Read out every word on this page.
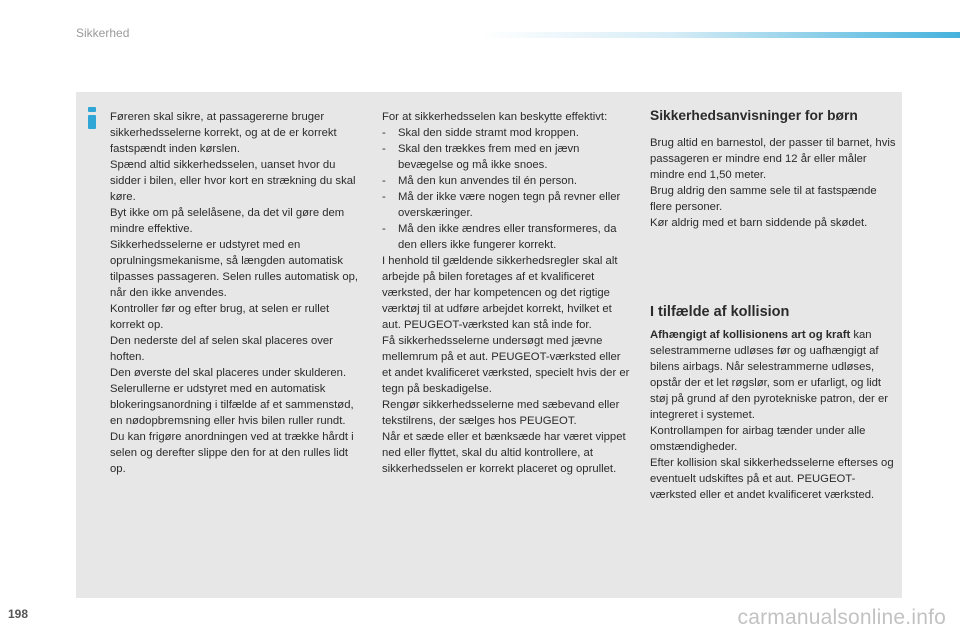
Sikkerhed

Føreren skal sikre, at passagererne bruger sikkerhedsselerne korrekt, og at de er korrekt fastspændt inden kørslen.

Spænd altid sikkerhedsselen, uanset hvor du sidder i bilen, eller hvor kort en strækning du skal køre.

Byt ikke om på selelåsene, da det vil gøre dem mindre effektive.

Sikkerhedsselerne er udstyret med en oprulningsmekanisme, så længden automatisk tilpasses passageren. Selen rulles automatisk op, når den ikke anvendes.

Kontroller før og efter brug, at selen er rullet korrekt op.

Den nederste del af selen skal placeres over hoften.

Den øverste del skal placeres under skulderen.

Selerullerne er udstyret med en automatisk blokeringsanordning i tilfælde af et sammenstød, en nødopbremsning eller hvis bilen ruller rundt. Du kan frigøre anordningen ved at trække hårdt i selen og derefter slippe den for at den rulles lidt op.

For at sikkerhedsselen kan beskytte effektivt:

- Skal den sidde stramt mod kroppen.
- Skal den trækkes frem med en jævn bevægelse og må ikke snoes.
- Må den kun anvendes til én person.
- Må der ikke være nogen tegn på revner eller overskæringer.
- Må den ikke ændres eller transformeres, da den ellers ikke fungerer korrekt.

I henhold til gældende sikkerhedsregler skal alt arbejde på bilen foretages af et kvalificeret værksted, der har kompetencen og det rigtige værktøj til at udføre arbejdet korrekt, hvilket et aut. PEUGEOT-værksted kan stå inde for.

Få sikkerhedsselerne undersøgt med jævne mellemrum på et aut. PEUGEOT-værksted eller et andet kvalificeret værksted, specielt hvis der er tegn på beskadigelse.

Rengør sikkerhedsselerne med sæbevand eller tekstilrens, der sælges hos PEUGEOT.

Når et sæde eller et bænksæde har været vippet ned eller flyttet, skal du altid kontrollere, at sikkerhedsselen er korrekt placeret og oprullet.

Sikkerhedsanvisninger for børn

Brug altid en barnestol, der passer til barnet, hvis passageren er mindre end 12 år eller måler mindre end 1,50 meter.

Brug aldrig den samme sele til at fastspænde flere personer.

Kør aldrig med et barn siddende på skødet.

I tilfælde af kollision

Afhængigt af kollisionens art og kraft kan selestrammerne udløses før og uafhængigt af bilens airbags. Når selestrammerne udløses, opstår der et let røgslør, som er ufarligt, og lidt støj på grund af den pyrotekniske patron, der er integreret i systemet.

Kontrollampen for airbag tænder under alle omstændigheder.

Efter kollision skal sikkerhedsselerne efterses og eventuelt udskiftes på et aut. PEUGEOT-værksted eller et andet kvalificeret værksted.

198	carmanualsonline.info
